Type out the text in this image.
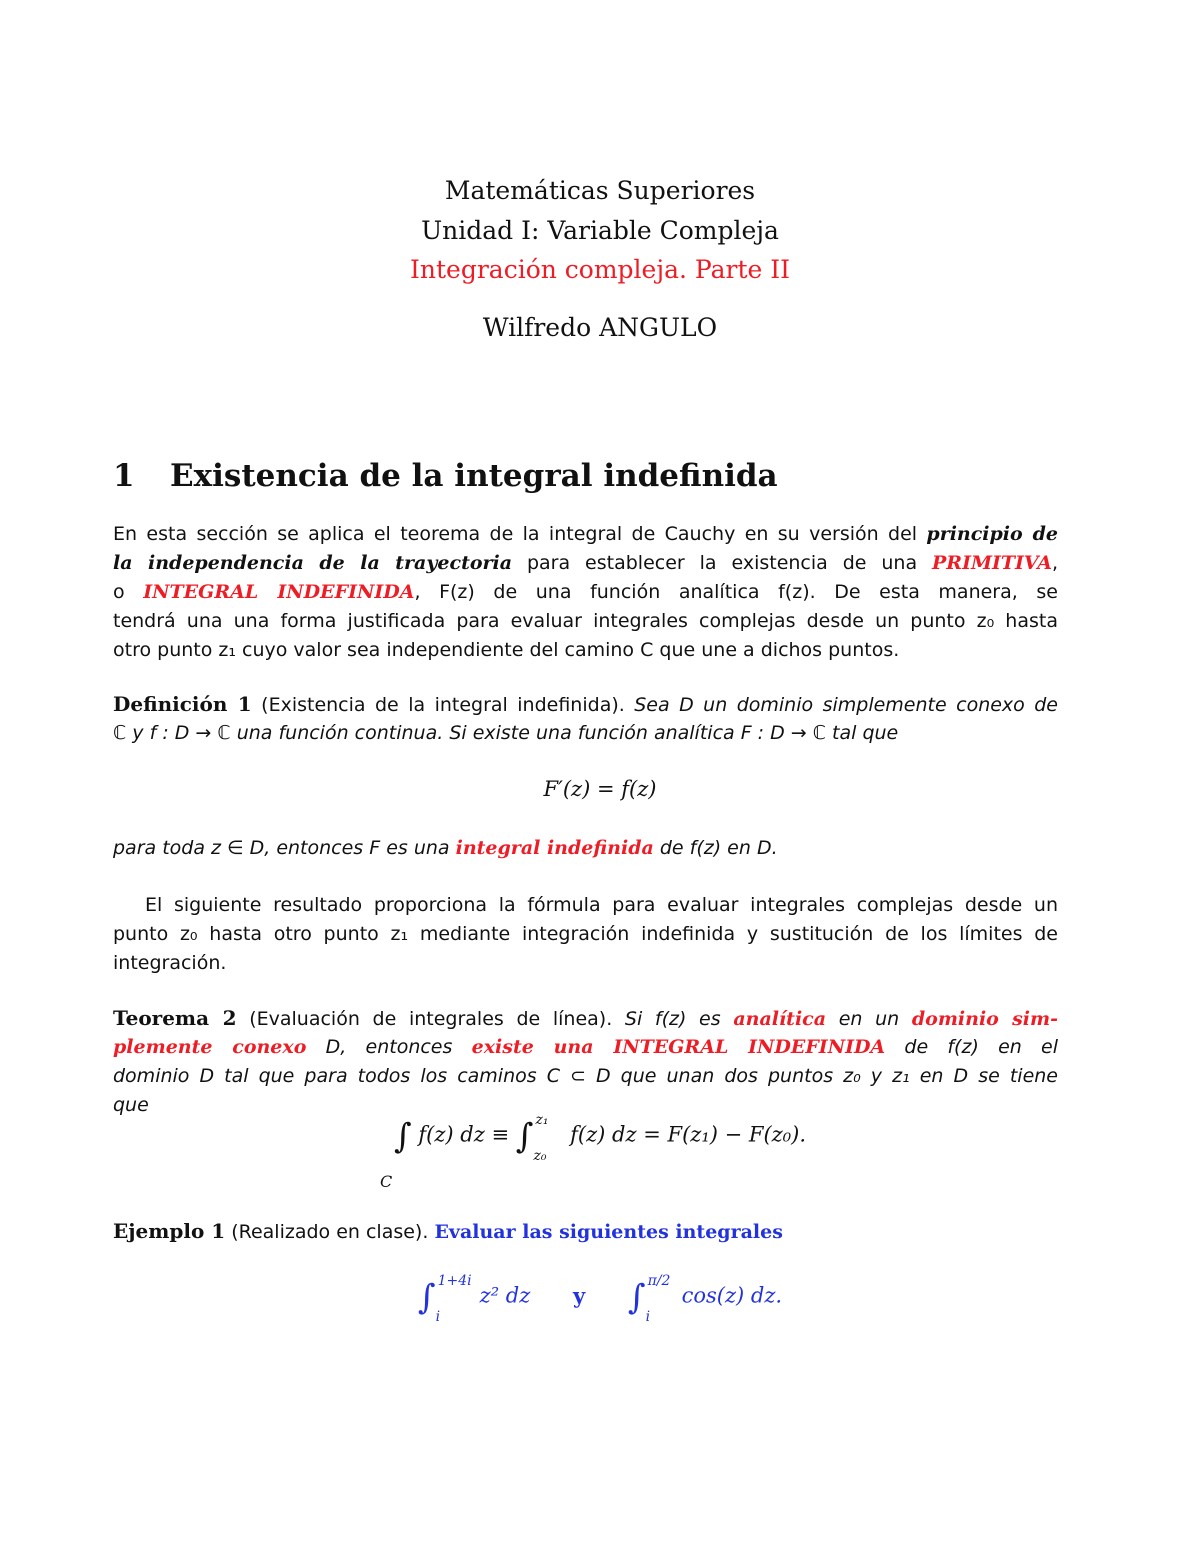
Matemáticas Superiores
Unidad I: Variable Compleja
Integración compleja. Parte II
Wilfredo ANGULO
1 Existencia de la integral indefinida
En esta sección se aplica el teorema de la integral de Cauchy en su versión del principio de
la independencia de la trayectoria para establecer la existencia de una PRIMITIVA,
o INTEGRAL INDEFINIDA, F(z) de una función analítica f(z). De esta manera, se
tendrá una una forma justificada para evaluar integrales complejas desde un punto z₀ hasta
otro punto z₁ cuyo valor sea independiente del camino C que une a dichos puntos.
Definición 1 (Existencia de la integral indefinida). Sea D un dominio simplemente conexo de
ℂ y f : D → ℂ una función continua. Si existe una función analítica F : D → ℂ tal que
F′(z) = f(z)
para toda z ∈ D, entonces F es una integral indefinida de f(z) en D.
El siguiente resultado proporciona la fórmula para evaluar integrales complejas desde un
punto z₀ hasta otro punto z₁ mediante integración indefinida y sustitución de los límites de
integración.
Teorema 2 (Evaluación de integrales de línea). Si f(z) es analítica en un dominio sim-
plemente conexo D, entonces existe una INTEGRAL INDEFINIDA de f(z) en el
dominio D tal que para todos los caminos C ⊂ D que unan dos puntos z₀ y z₁ en D se tiene
que
∫ f(z) dz ≡ ∫ z₁
z₀
f(z) dz = F(z₁) − F(z₀).
C
Ejemplo 1 (Realizado en clase). Evaluar las siguientes integrales
∫ 1+4i
i
z² dz y ∫ π/2
i
cos(z) dz.
